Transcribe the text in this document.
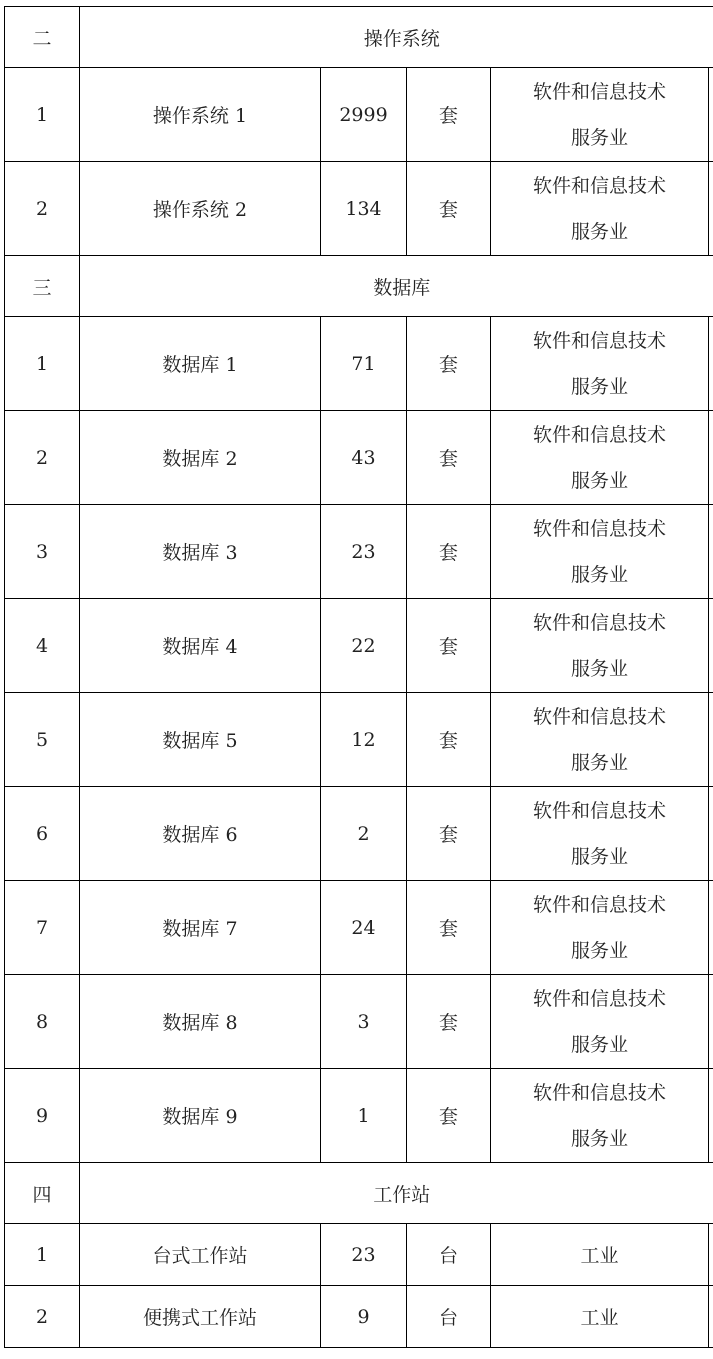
二	操作系统				
1	操作系统 1	2999	套	软件和信息技术
服务业	
2	操作系统 2	134	套	软件和信息技术
服务业	
三	数据库				
1	数据库 1	71	套	软件和信息技术
服务业	
2	数据库 2	43	套	软件和信息技术
服务业	
3	数据库 3	23	套	软件和信息技术
服务业	
4	数据库 4	22	套	软件和信息技术
服务业	
5	数据库 5	12	套	软件和信息技术
服务业	
6	数据库 6	2	套	软件和信息技术
服务业	
7	数据库 7	24	套	软件和信息技术
服务业	
8	数据库 8	3	套	软件和信息技术
服务业	
9	数据库 9	1	套	软件和信息技术
服务业	
四	工作站				
1	台式工作站	23	台	工业	
2	便携式工作站	9	台	工业	
